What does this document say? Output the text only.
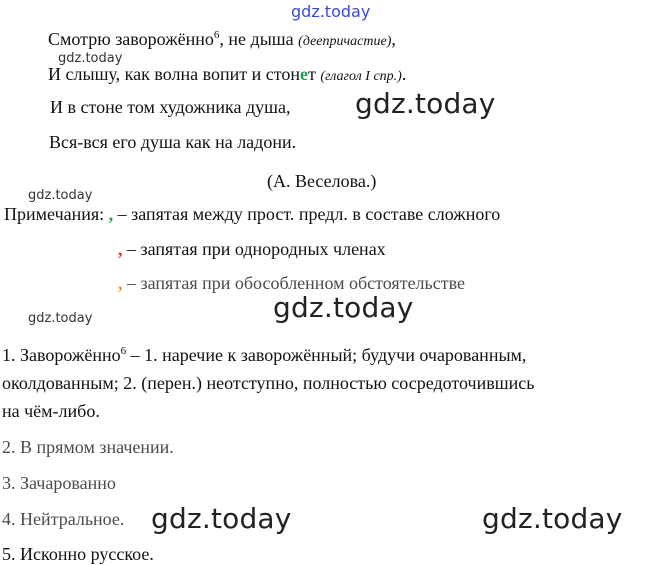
gdz.today
gdz.today
gdz.today
gdz.today
gdz.today
gdz.today
gdz.today	gdz.today
Смотрю заворожённо$^6$, не дыша (деепричастие),
И слышу, как волна вопит и стонет (глагол I спр.).
И в стоне том художника душа,
Вся-вся его душа как на ладони.
(А. Веселова.)
Примечания: , – запятая между прост. предл. в составе сложного
, – запятая при однородных членах
, – запятая при обособленном обстоятельстве
1. Заворожённо$^6$ – 1. наречие к заворожённый; будучи очарованным,
околдованным; 2. (перен.) неотступно, полностью сосредоточившись
на чём-либо.
2. В прямом значении.
3. Зачарованно
4. Нейтральное.
5. Исконно русское.
